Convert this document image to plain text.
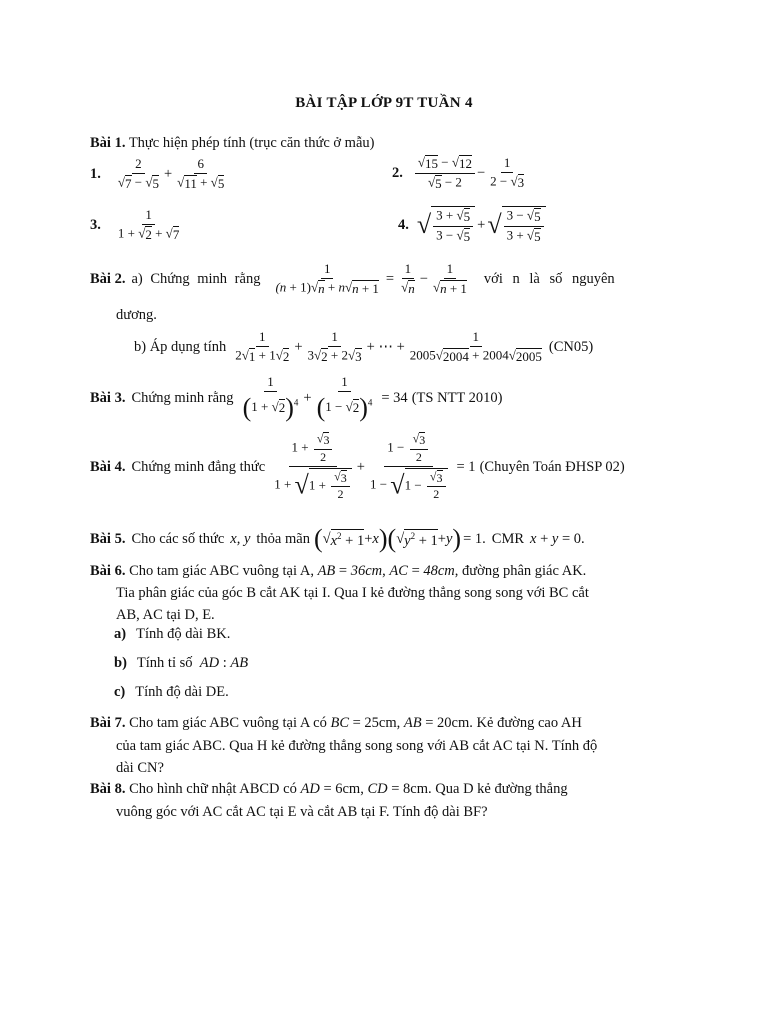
BÀI TẬP LỚP 9T TUẦN 4
Bài 1. Thực hiện phép tính (trục căn thức ở mẫu)
1. $\frac{2}{√7 - √5} + \frac{6}{√11 + √5}$	2. $\frac{√15 - √12}{√5 - 2} - \frac{1}{2 - √3}$
3. $\frac{1}{1 + √2 + √7}$	4. √ $\frac{3 + √5}{3 - √5}$ + √ $\frac{3 - √5}{3 + √5}$
Bài 2. a) Chứng minh rằng $\frac{1}{(n + 1)√n + n√n + 1} = \frac{1}{√n} - \frac{1}{√n + 1}$ với n là số nguyên
dương.
b) Áp dụng tính $\frac{1}{2√1 + 1√2} + \frac{1}{3√2 + 2√3}$ + ⋯ + $\frac{1}{2005√2004 + 2004√2005} (CN05)$
Bài 3. Chứng minh rằng $\frac{1}{(1 + √2)^4} + \frac{1}{(1 - √2)^4} = 34$ (TS NTT 2010)
Bài 4. Chứng minh đẳng thức $\frac{1 + \frac{√3}{2}}{1 + √1 + \frac{√3}{2}} + \frac{1 - \frac{√3}{2}}{1 - √1 - \frac{√3}{2}} = 1$ (Chuyên Toán ĐHSP 02)
Bài 5. Cho các số thức x, y thỏa mãn ( √ $x^2 + 1 + x$ ) ( √ $y^2 + 1 + y$ ) = 1. CMR x + y = 0.
Bài 6. Cho tam giác ABC vuông tại A, AB = 36cm, AC = 48cm, đường phân giác AK.
Tia phân giác của góc B cắt AK tại I. Qua I kẻ đường thẳng song song với BC cắt
AB, AC tại D, E.
a) Tính độ dài BK.
b) Tính tỉ số  AD : AB
c) Tính độ dài DE.
Bài 7. Cho tam giác ABC vuông tại A có BC = 25cm, AB = 20cm. Kẻ đường cao AH
của tam giác ABC. Qua H kẻ đường thẳng song song với AB cắt AC tại N. Tính độ
dài CN?
Bài 8. Cho hình chữ nhật ABCD có AD = 6cm, CD = 8cm. Qua D kẻ đường thẳng
vuông góc với AC cắt AC tại E và cắt AB tại F. Tính độ dài BF?
